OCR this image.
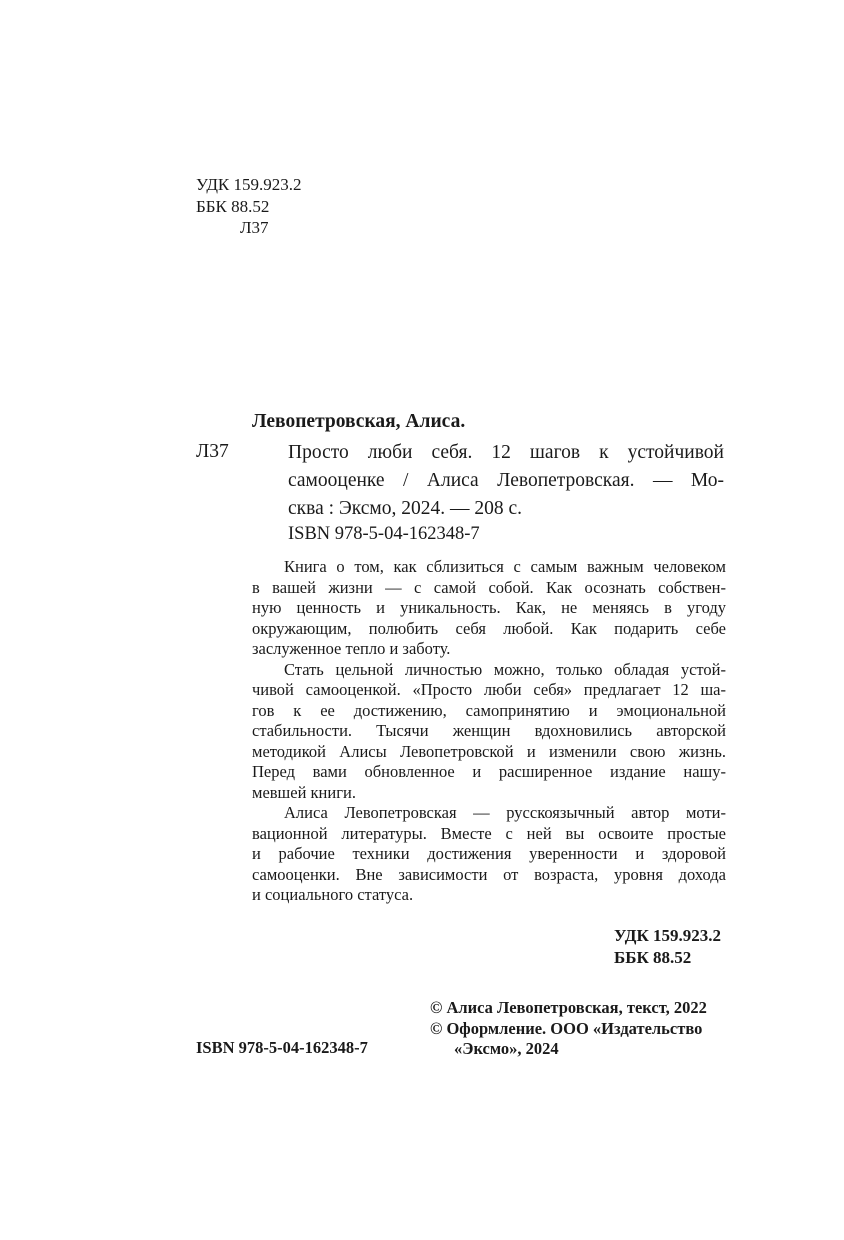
УДК 159.923.2
ББК 88.52
Л37
Левопетровская, Алиса.
Л37	Просто люби себя. 12 шагов к устойчивой
самооценке / Алиса Левопетровская. — Мо-
сква : Эксмо, 2024. — 208 с.
ISBN 978-5-04-162348-7
Книга о том, как сблизиться с самым важным человеком
в вашей жизни — с самой собой. Как осознать собствен-
ную ценность и уникальность. Как, не меняясь в угоду
окружающим, полюбить себя любой. Как подарить себе
заслуженное тепло и заботу.
Стать цельной личностью можно, только обладая устой-
чивой самооценкой. «Просто люби себя» предлагает 12 ша-
гов к ее достижению, самопринятию и эмоциональной
стабильности. Тысячи женщин вдохновились авторской
методикой Алисы Левопетровской и изменили свою жизнь.
Перед вами обновленное и расширенное издание нашу-
мевшей книги.
Алиса Левопетровская — русскоязычный автор моти-
вационной литературы. Вместе с ней вы освоите простые
и рабочие техники достижения уверенности и здоровой
самооценки. Вне зависимости от возраста, уровня дохода
и социального статуса.
УДК 159.923.2
ББК 88.52
© Алиса Левопетровская, текст, 2022
© Оформление. ООО «Издательство
«Эксмо», 2024
ISBN 978-5-04-162348-7
